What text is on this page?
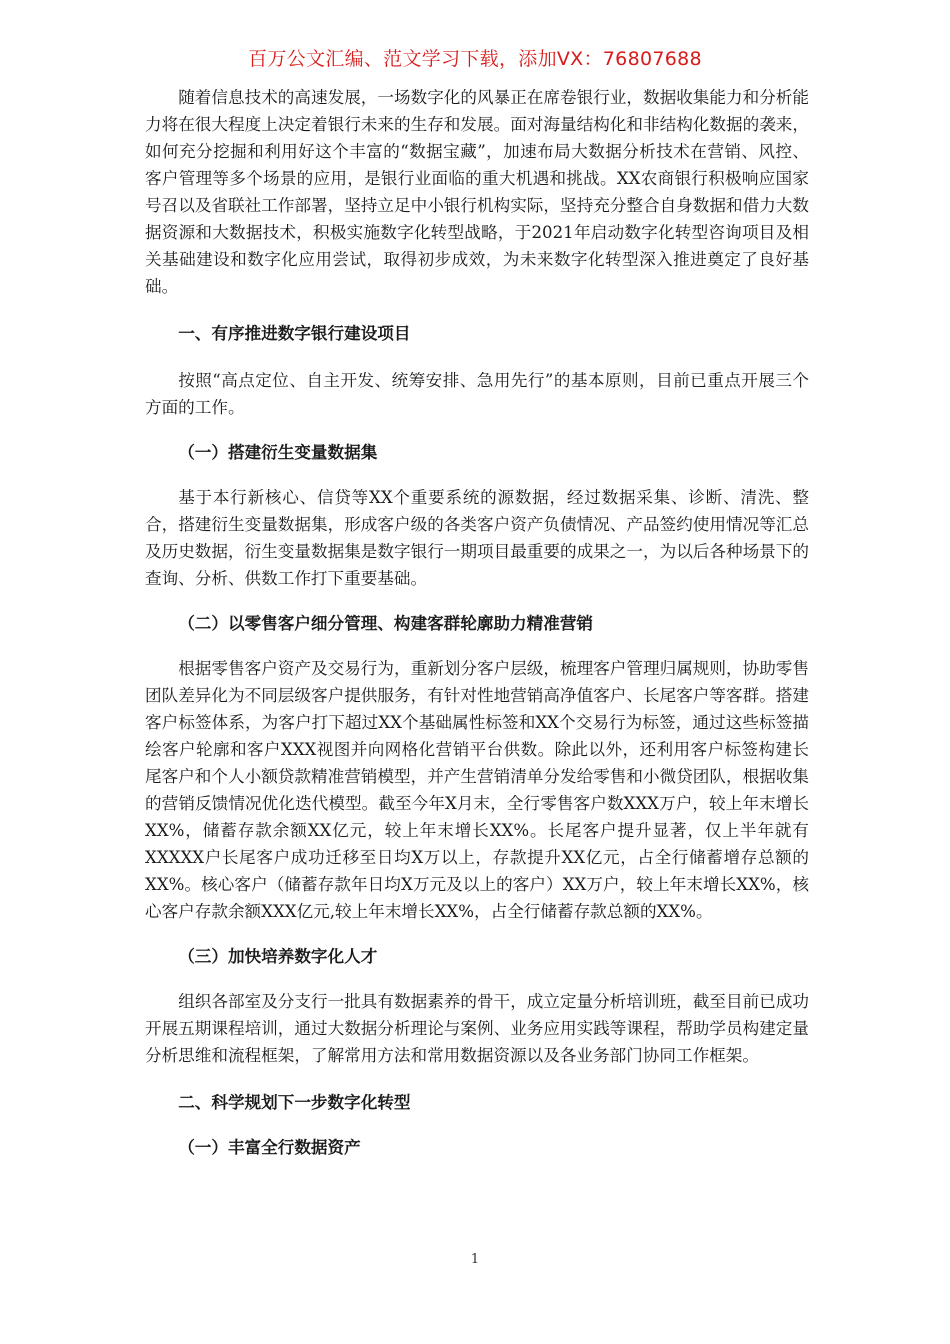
百万公文汇编、范文学习下载，添加VX：76807688

随着信息技术的高速发展，一场数字化的风暴正在席卷银行业，数据收集能力和分析能力将在很大程度上决定着银行未来的生存和发展。面对海量结构化和非结构化数据的袭来，如何充分挖掘和利用好这个丰富的“数据宝藏”，加速布局大数据分析技术在营销、风控、客户管理等多个场景的应用，是银行业面临的重大机遇和挑战。XX农商银行积极响应国家号召以及省联社工作部署，坚持立足中小银行机构实际，坚持充分整合自身数据和借力大数据资源和大数据技术，积极实施数字化转型战略，于2021年启动数字化转型咨询项目及相关基础建设和数字化应用尝试，取得初步成效，为未来数字化转型深入推进奠定了良好基础。

一、有序推进数字银行建设项目

按照“高点定位、自主开发、统筹安排、急用先行”的基本原则，目前已重点开展三个方面的工作。

（一）搭建衍生变量数据集

基于本行新核心、信贷等XX个重要系统的源数据，经过数据采集、诊断、清洗、整合，搭建衍生变量数据集，形成客户级的各类客户资产负债情况、产品签约使用情况等汇总及历史数据，衍生变量数据集是数字银行一期项目最重要的成果之一，为以后各种场景下的查询、分析、供数工作打下重要基础。

（二）以零售客户细分管理、构建客群轮廓助力精准营销

根据零售客户资产及交易行为，重新划分客户层级，梳理客户管理归属规则，协助零售团队差异化为不同层级客户提供服务，有针对性地营销高净值客户、长尾客户等客群。搭建客户标签体系，为客户打下超过XX个基础属性标签和XX个交易行为标签，通过这些标签描绘客户轮廓和客户XXX视图并向网格化营销平台供数。除此以外，还利用客户标签构建长尾客户和个人小额贷款精准营销模型，并产生营销清单分发给零售和小微贷团队，根据收集的营销反馈情况优化迭代模型。截至今年X月末，全行零售客户数XXX万户，较上年末增长XX%，储蓄存款余额XX亿元，较上年末增长XX%。长尾客户提升显著，仅上半年就有XXXXX户长尾客户成功迁移至日均X万以上，存款提升XX亿元，占全行储蓄增存总额的XX%。核心客户（储蓄存款年日均X万元及以上的客户）XX万户，较上年末增长XX%，核心客户存款余额XXX亿元,较上年末增长XX%，占全行储蓄存款总额的XX%。

（三）加快培养数字化人才

组织各部室及分支行一批具有数据素养的骨干，成立定量分析培训班，截至目前已成功开展五期课程培训，通过大数据分析理论与案例、业务应用实践等课程，帮助学员构建定量分析思维和流程框架，了解常用方法和常用数据资源以及各业务部门协同工作框架。

二、科学规划下一步数字化转型

（一）丰富全行数据资产

1
